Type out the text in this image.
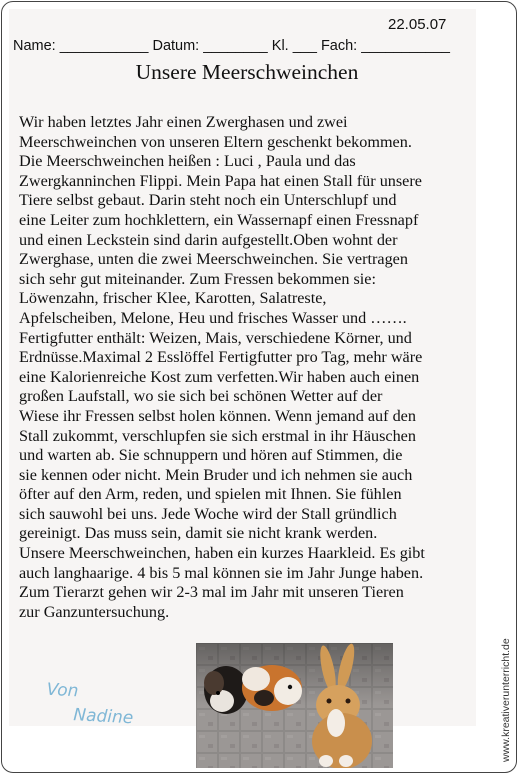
22.05.07
Name: ___________ Datum: ________ Kl. ___ Fach: ___________
Unsere Meerschweinchen
Wir haben letztes Jahr einen Zwerghasen und zwei
Meerschweinchen von unseren Eltern geschenkt bekommen.
Die Meerschweinchen heißen : Luci , Paula und das
Zwergkanninchen Flippi. Mein Papa hat einen Stall für unsere
Tiere selbst gebaut. Darin steht noch ein Unterschlupf und
eine Leiter zum hochklettern, ein Wassernapf einen Fressnapf
und einen Leckstein sind darin aufgestellt.Oben wohnt der
Zwerghase, unten die zwei Meerschweinchen. Sie vertragen
sich sehr gut miteinander. Zum Fressen bekommen sie:
Löwenzahn, frischer Klee, Karotten, Salatreste,
Apfelscheiben, Melone, Heu und frisches Wasser und …….
Fertigfutter enthält: Weizen, Mais, verschiedene Körner, und
Erdnüsse.Maximal 2 Esslöffel Fertigfutter pro Tag, mehr wäre
eine Kalorienreiche Kost zum verfetten.Wir haben auch einen
großen Laufstall, wo sie sich bei schönen Wetter auf der
Wiese ihr Fressen selbst holen können. Wenn jemand auf den
Stall zukommt, verschlupfen sie sich erstmal in ihr Häuschen
und warten ab. Sie schnuppern und hören auf Stimmen, die
sie kennen oder nicht. Mein Bruder und ich nehmen sie auch
öfter auf den Arm, reden, und spielen mit Ihnen. Sie fühlen
sich sauwohl bei uns. Jede Woche wird der Stall gründlich
gereinigt. Das muss sein, damit sie nicht krank werden.
Unsere Meerschweinchen, haben ein kurzes Haarkleid. Es gibt
auch langhaarige. 4 bis 5 mal können sie im Jahr Junge haben.
Zum Tierarzt gehen wir 2-3 mal im Jahr mit unseren Tieren
zur Ganzuntersuchung.
Von
Nadine	www.kreativerunterricht.de
